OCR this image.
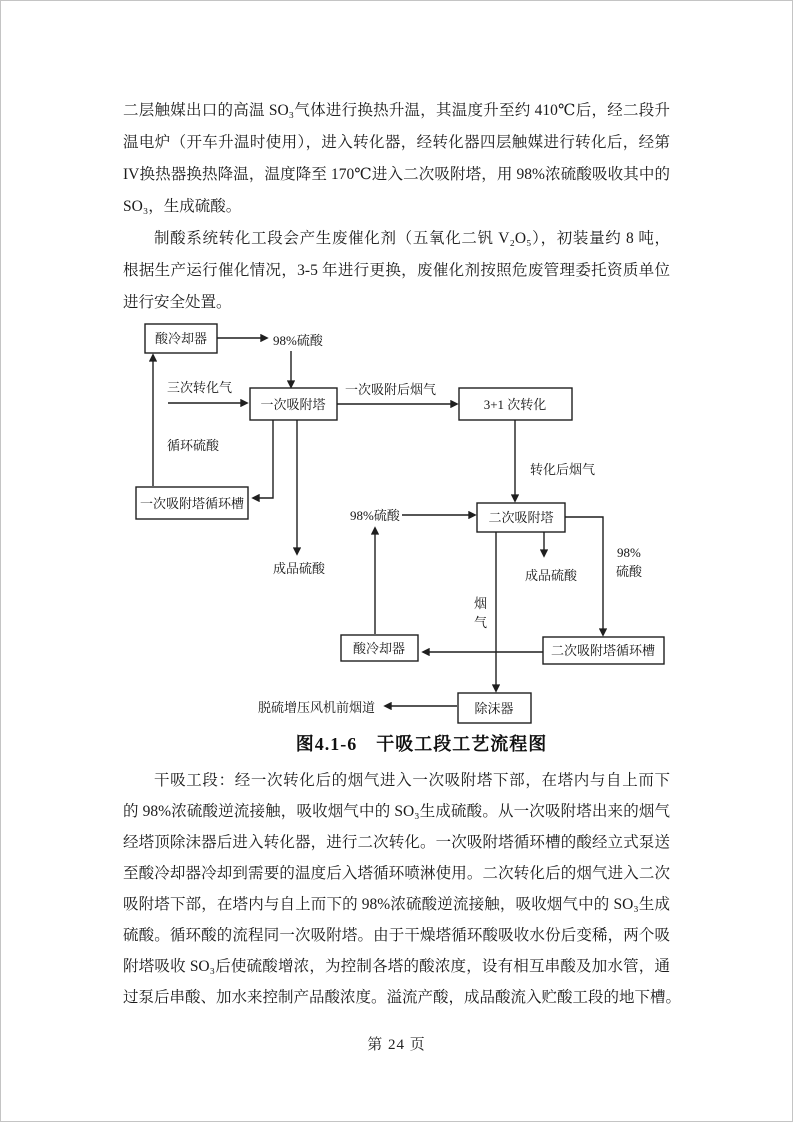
二层触媒出口的高温 SO₃气体进行换热升温，其温度升至约 410℃后，经二段升
温电炉（开车升温时使用），进入转化器，经转化器四层触媒进行转化后，经第
IV换热器换热降温，温度降至 170℃进入二次吸附塔，用 98%浓硫酸吸收其中的
SO₃，生成硫酸。
制酸系统转化工段会产生废催化剂（五氧化二钒 V₂O₅），初装量约 8 吨，
根据生产运行催化情况，3-5 年进行更换，废催化剂按照危废管理委托资质单位
进行安全处置。
酸冷却器
一次吸附塔	3+1 次转化
一次吸附塔循环槽
二次吸附塔
酸冷却器	二次吸附塔循环槽
除沫器
98%硫酸
三次转化气	一次吸附后烟气
循环硫酸
转化后烟气
98%硫酸
成品硫酸	成品硫酸
98%
硫酸
烟
气
脱硫增压风机前烟道
图4.1-6　干吸工段工艺流程图
干吸工段：经一次转化后的烟气进入一次吸附塔下部，在塔内与自上而下
的 98%浓硫酸逆流接触，吸收烟气中的 SO₃生成硫酸。从一次吸附塔出来的烟气
经塔顶除沫器后进入转化器，进行二次转化。一次吸附塔循环槽的酸经立式泵送
至酸冷却器冷却到需要的温度后入塔循环喷淋使用。二次转化后的烟气进入二次
吸附塔下部，在塔内与自上而下的 98%浓硫酸逆流接触，吸收烟气中的 SO₃生成
硫酸。循环酸的流程同一次吸附塔。由于干燥塔循环酸吸收水份后变稀，两个吸
附塔吸收 SO₃后使硫酸增浓，为控制各塔的酸浓度，设有相互串酸及加水管，通
过泵后串酸、加水来控制产品酸浓度。溢流产酸，成品酸流入贮酸工段的地下槽。
第 24 页
